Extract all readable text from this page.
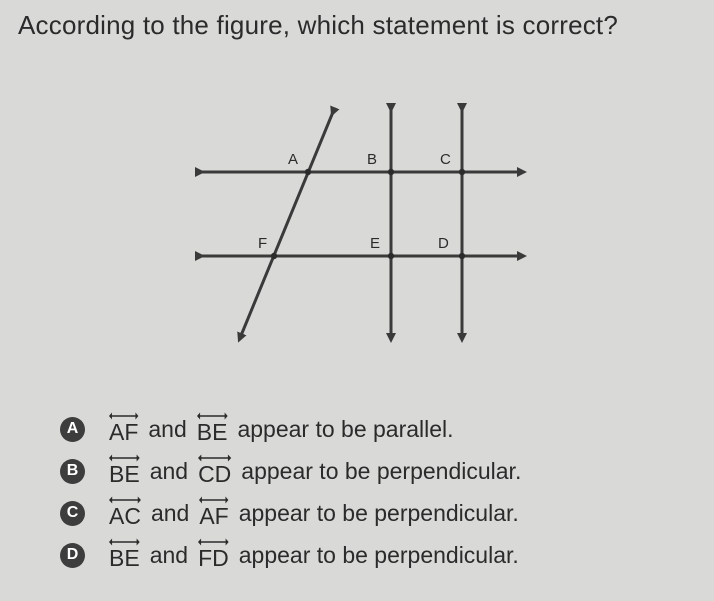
According to the figure, which statement is correct?
A	B	C
F	E	D
A AF and BE appear to be parallel.
B BE and CD appear to be perpendicular.
C AC and AF appear to be perpendicular.
D BE and FD appear to be perpendicular.
